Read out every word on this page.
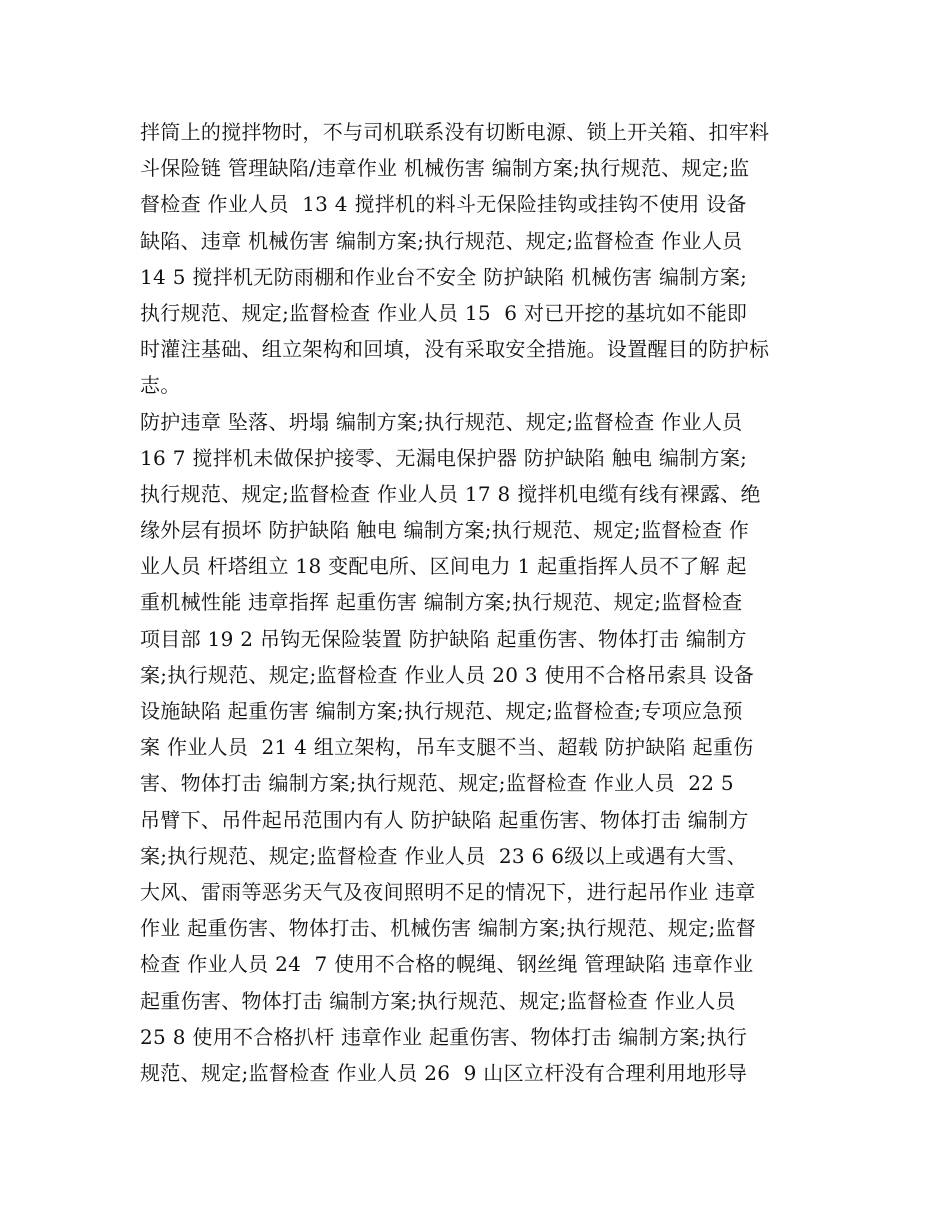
拌筒上的搅拌物时，不与司机联系没有切断电源、锁上开关箱、扣牢料
斗保险链 管理缺陷/违章作业 机械伤害 编制方案;执行规范、规定;监
督检查 作业人员  13 4 搅拌机的料斗无保险挂钩或挂钩不使用 设备
缺陷、违章 机械伤害 编制方案;执行规范、规定;监督检查 作业人员
14 5 搅拌机无防雨棚和作业台不安全 防护缺陷 机械伤害 编制方案;
执行规范、规定;监督检查 作业人员 15  6 对已开挖的基坑如不能即
时灌注基础、组立架构和回填，没有采取安全措施。设置醒目的防护标
志。
防护违章 坠落、坍塌 编制方案;执行规范、规定;监督检查 作业人员
16 7 搅拌机未做保护接零、无漏电保护器 防护缺陷 触电 编制方案;
执行规范、规定;监督检查 作业人员 17 8 搅拌机电缆有线有裸露、绝
缘外层有损坏 防护缺陷 触电 编制方案;执行规范、规定;监督检查 作
业人员 杆塔组立 18 变配电所、区间电力 1 起重指挥人员不了解 起
重机械性能 违章指挥 起重伤害 编制方案;执行规范、规定;监督检查
项目部 19 2 吊钩无保险装置 防护缺陷 起重伤害、物体打击 编制方
案;执行规范、规定;监督检查 作业人员 20 3 使用不合格吊索具 设备
设施缺陷 起重伤害 编制方案;执行规范、规定;监督检查;专项应急预
案 作业人员  21 4 组立架构，吊车支腿不当、超载 防护缺陷 起重伤
害、物体打击 编制方案;执行规范、规定;监督检查 作业人员  22 5
吊臂下、吊件起吊范围内有人 防护缺陷 起重伤害、物体打击 编制方
案;执行规范、规定;监督检查 作业人员  23 6 6级以上或遇有大雪、
大风、雷雨等恶劣天气及夜间照明不足的情况下，进行起吊作业 违章
作业 起重伤害、物体打击、机械伤害 编制方案;执行规范、规定;监督
检查 作业人员 24  7 使用不合格的幌绳、钢丝绳 管理缺陷 违章作业
起重伤害、物体打击 编制方案;执行规范、规定;监督检查 作业人员
25 8 使用不合格扒杆 违章作业 起重伤害、物体打击 编制方案;执行
规范、规定;监督检查 作业人员 26  9 山区立杆没有合理利用地形导
